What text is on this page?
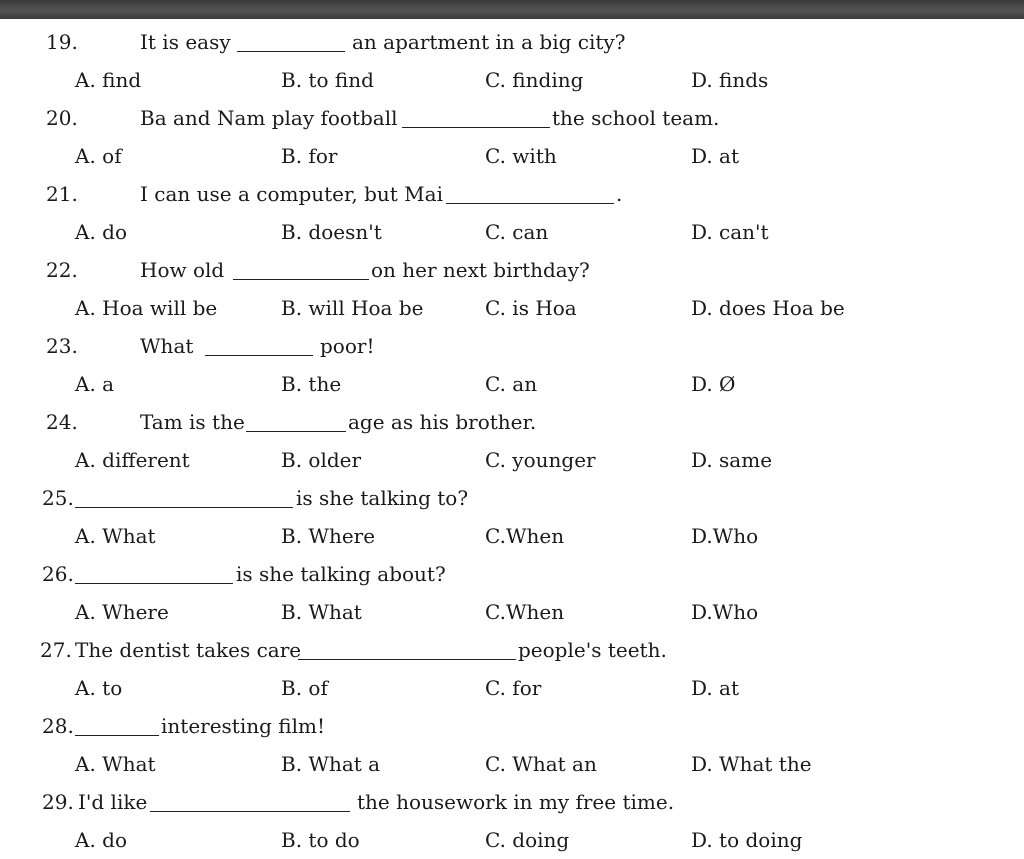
19.	It is easy	an apartment in a big city?
A. find	B. to find	C. finding	D. finds
20.	Ba and Nam play football	the school team.
A. of	B. for	C. with	D. at
21.	I can use a computer, but Mai	.
A. do	B. doesn't	C. can	D. can't
22.	How old	on her next birthday?
A. Hoa will be	B. will Hoa be	C. is Hoa	D. does Hoa be
23.	What	poor!
A. a	B. the	C. an	D. Ø
24.	Tam is the	age as his brother.
A. different	B. older	C. younger	D. same
25.	is she talking to?
A. What	B. Where	C.When	D.Who
26.	is she talking about?
A. Where	B. What	C.When	D.Who
27. The dentist takes care	people's teeth.
A. to	B. of	C. for	D. at
28.	interesting film!
A. What	B. What a	C. What an	D. What the
29. I'd like	the housework in my free time.
A. do	B. to do	C. doing	D. to doing
